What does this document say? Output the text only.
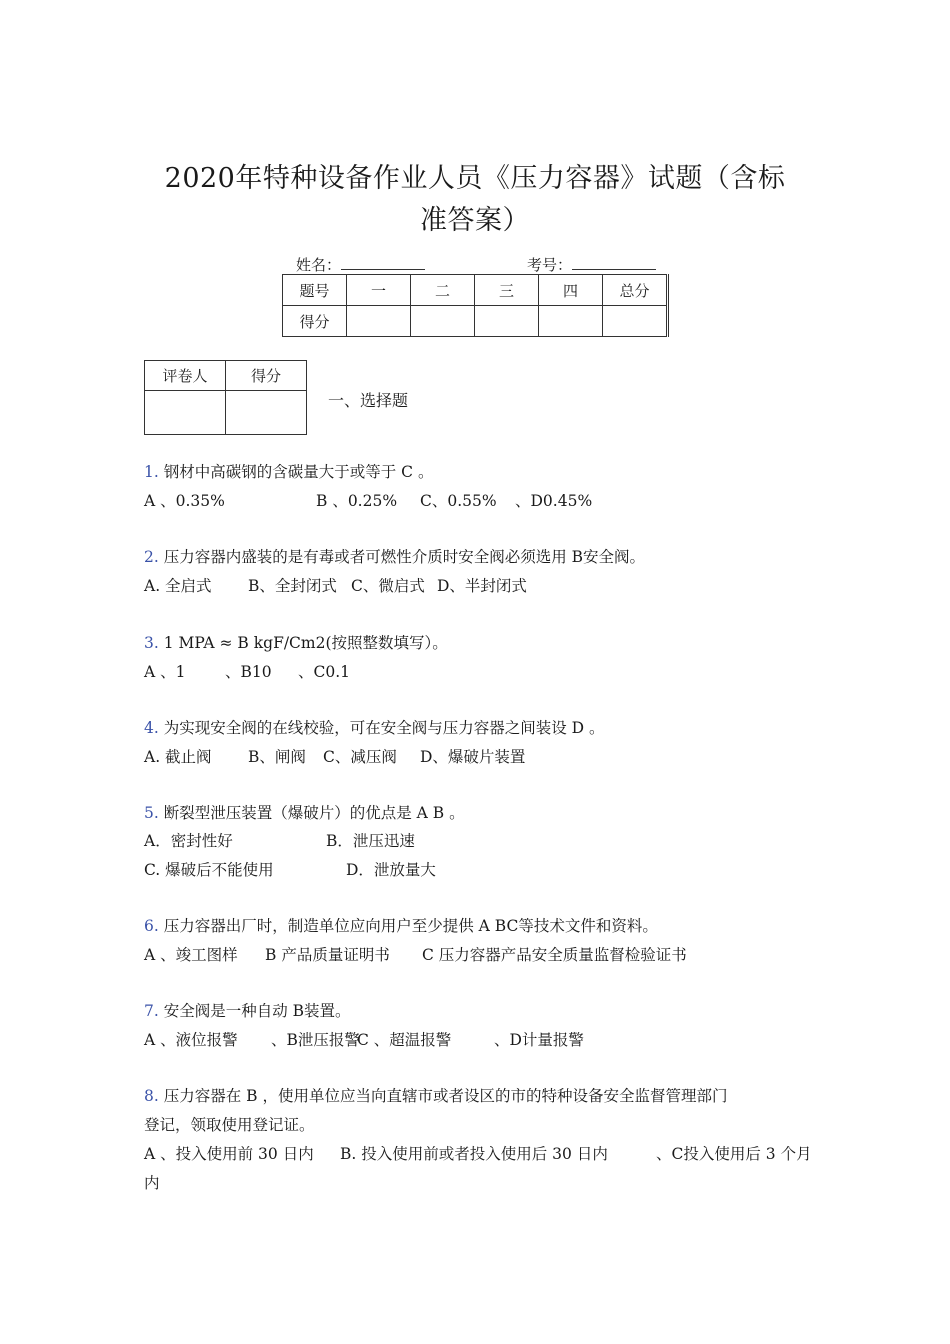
2020年特种设备作业人员《压力容器》试题（含标
准答案）
姓名：	考号：
题号	一	二	三	四	总分
得分					
评卷人	得分

一、选择题
1. 钢材中高碳钢的含碳量大于或等于 C 。
A 、0.35%	B 、0.25% C、0.55% 、D0.45%
2. 压力容器内盛装的是有毒或者可燃性介质时安全阀必须选用 B安全阀。
A. 全启式 B、全封闭式 C、微启式 D、半封闭式
3. 1 MPA ≈ B kgF/Cm2(按照整数填写）。
A 、1	、B10 、C0.1
4. 为实现安全阀的在线校验，可在安全阀与压力容器之间装设 D 。
A. 截止阀 B、闸阀 C、减压阀 D、爆破片装置
5. 断裂型泄压装置（爆破片）的优点是 A B 。
A．密封性好	B．泄压迅速
C. 爆破后不能使用	D．泄放量大
6. 压力容器出厂时，制造单位应向用户至少提供 A BC等技术文件和资料。
A 、竣工图样 B 产品质量证明书 C 压力容器产品安全质量监督检验证书
7. 安全阀是一种自动 B装置。
A 、液位报警 、B泄压报警
C 、超温报警	、D计量报警
8. 压力容器在 B ，使用单位应当向直辖市或者设区的市的特种设备安全监督管理部门
登记，领取使用登记证。
A 、投入使用前 30 日内 B. 投入使用前或者投入使用后 30 日内	、C投入使用后 3 个月
内
